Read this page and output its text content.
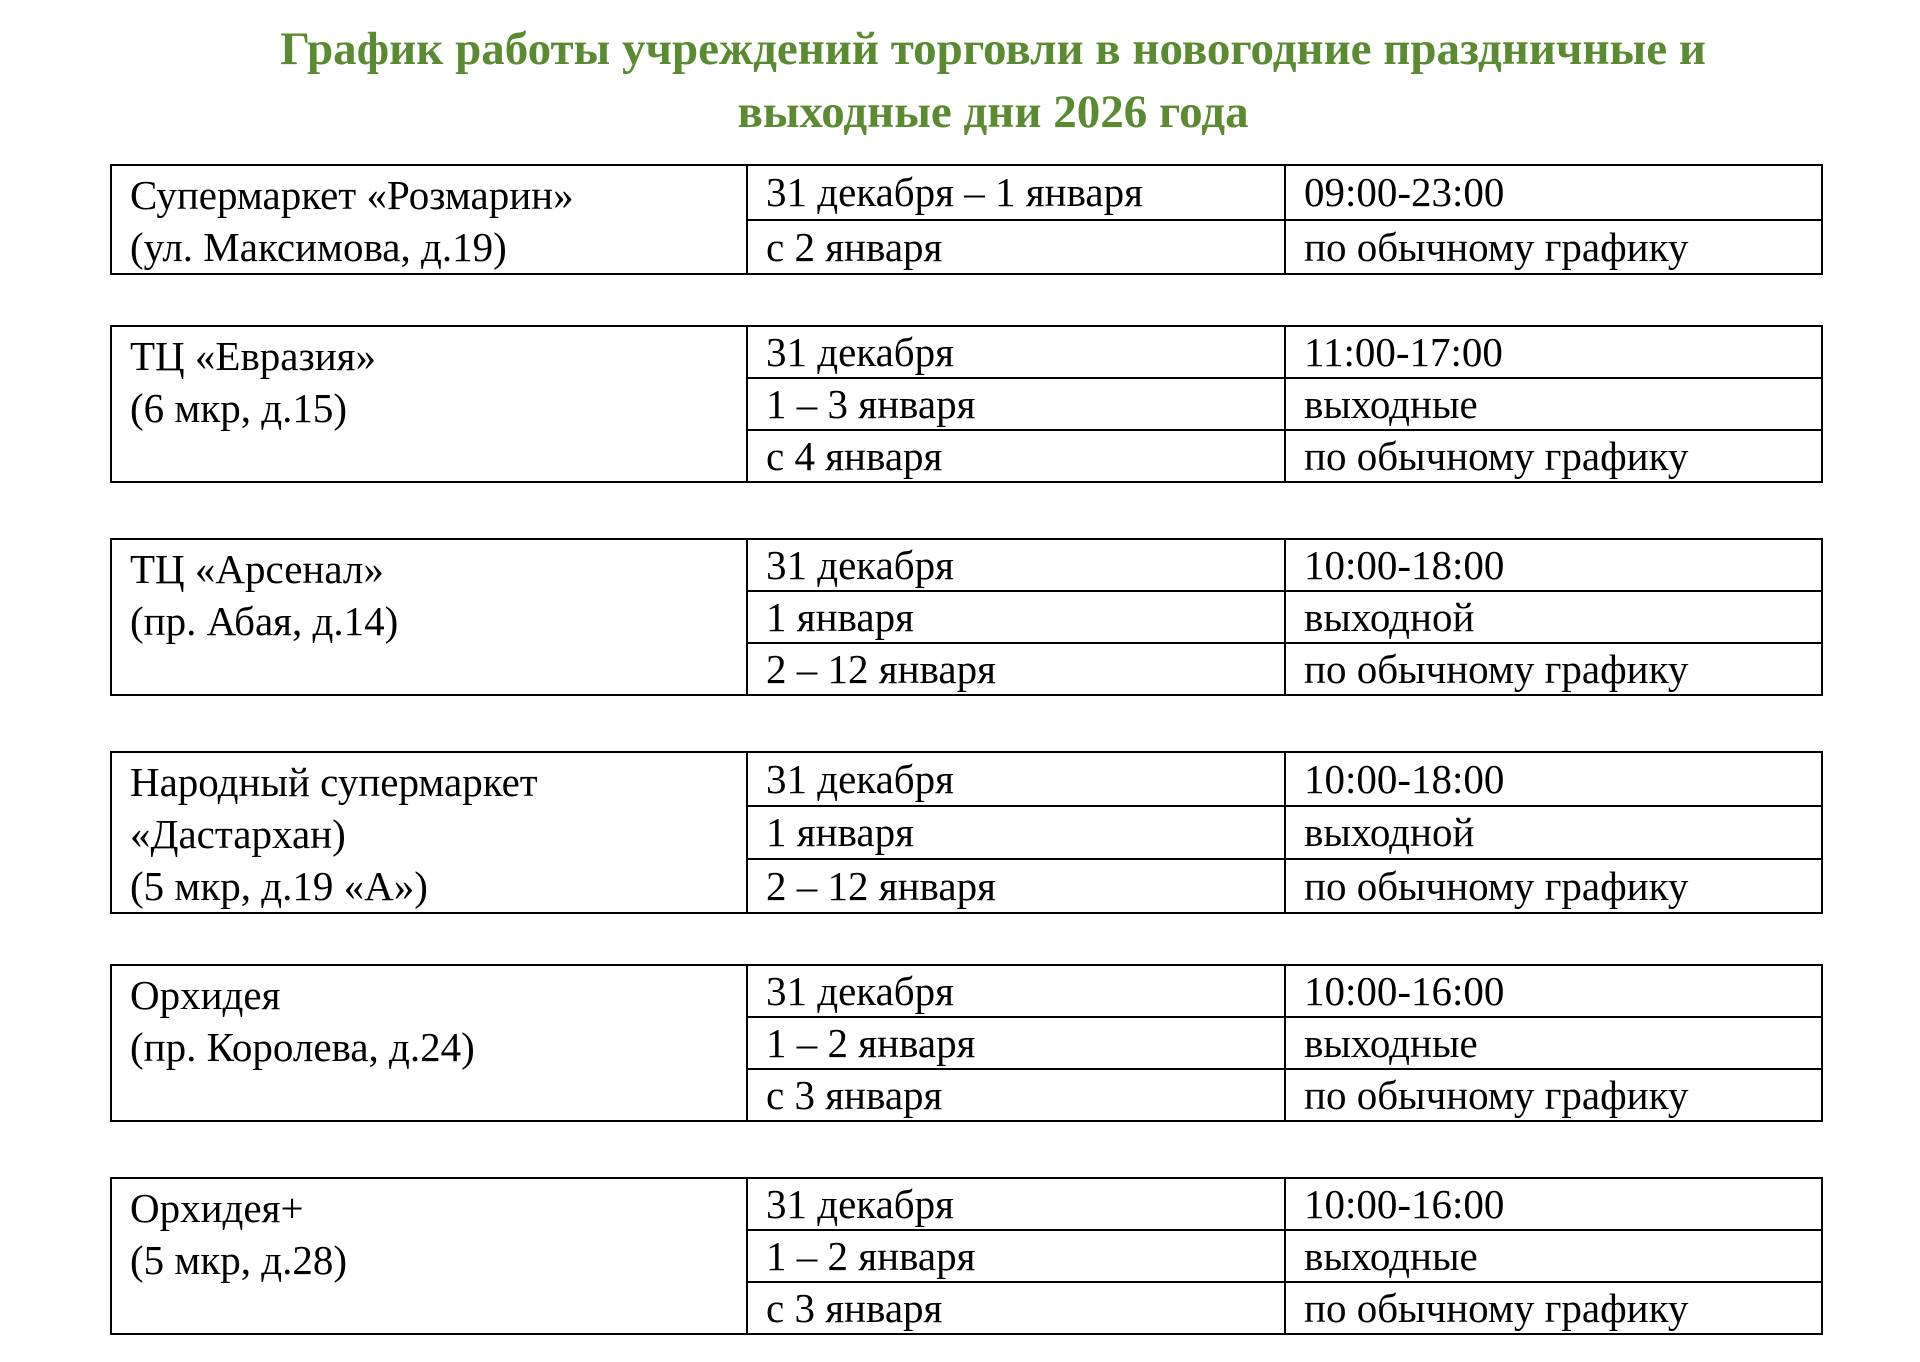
График работы учреждений торговли в новогодние праздничные и
выходные дни 2026 года
Супермаркет «Розмарин»
(ул. Максимова, д.19)	31 декабря – 1 января	09:00-23:00
	с 2 января	по обычному графику
ТЦ «Евразия»
(6 мкр, д.15)	31 декабря	11:00-17:00
	1 – 3 января	выходные
	с 4 января	по обычному графику
ТЦ «Арсенал»
(пр. Абая, д.14)	31 декабря	10:00-18:00
	1 января	выходной
	2 – 12 января	по обычному графику
Народный супермаркет
«Дастархан)
(5 мкр, д.19 «А»)	31 декабря	10:00-18:00
	1 января	выходной
	2 – 12 января	по обычному графику
Орхидея
(пр. Королева, д.24)	31 декабря	10:00-16:00
	1 – 2 января	выходные
	с 3 января	по обычному графику
Орхидея+
(5 мкр, д.28)	31 декабря	10:00-16:00
	1 – 2 января	выходные
	с 3 января	по обычному графику
